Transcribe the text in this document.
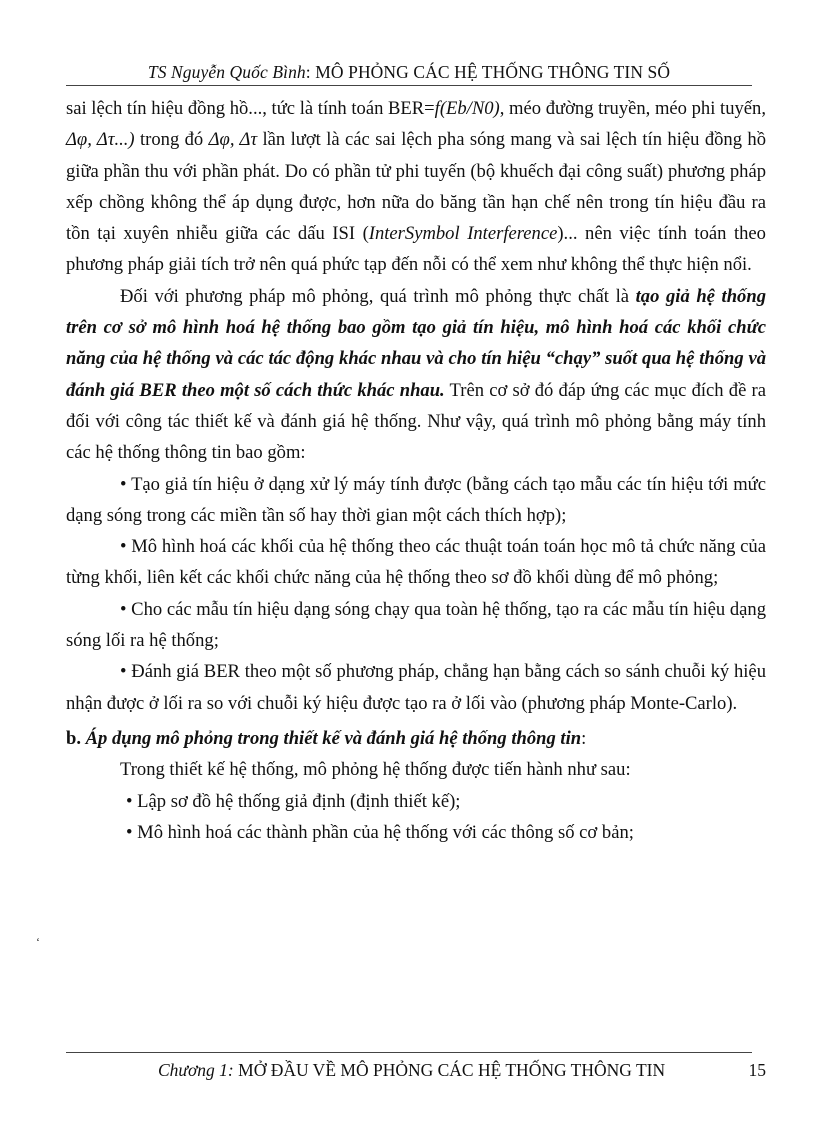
TS Nguyễn Quốc Bình: MÔ PHỎNG CÁC HỆ THỐNG THÔNG TIN SỐ

sai lệch tín hiệu đồng hồ..., tức là tính toán BER=f(Eb/N0), méo đường truyền, méo phi tuyến, Δφ, Δτ...) trong đó Δφ, Δτ lần lượt là các sai lệch pha sóng mang và sai lệch tín hiệu đồng hồ giữa phần thu với phần phát. Do có phần tử phi tuyến (bộ khuếch đại công suất) phương pháp xếp chồng không thể áp dụng được, hơn nữa do băng tần hạn chế nên trong tín hiệu đầu ra tồn tại xuyên nhiễu giữa các dấu ISI (InterSymbol Interference)... nên việc tính toán theo phương pháp giải tích trở nên quá phức tạp đến nỗi có thể xem như không thể thực hiện nổi.

Đối với phương pháp mô phỏng, quá trình mô phỏng thực chất là tạo giả hệ thống trên cơ sở mô hình hoá hệ thống bao gồm tạo giả tín hiệu, mô hình hoá các khối chức năng của hệ thống và các tác động khác nhau và cho tín hiệu “chạy” suốt qua hệ thống và đánh giá BER theo một số cách thức khác nhau. Trên cơ sở đó đáp ứng các mục đích đề ra đối với công tác thiết kế và đánh giá hệ thống. Như vậy, quá trình mô phỏng bằng máy tính các hệ thống thông tin bao gồm:

• Tạo giả tín hiệu ở dạng xử lý máy tính được (bằng cách tạo mẫu các tín hiệu tới mức dạng sóng trong các miền tần số hay thời gian một cách thích hợp);

• Mô hình hoá các khối của hệ thống theo các thuật toán toán học mô tả chức năng của từng khối, liên kết các khối chức năng của hệ thống theo sơ đồ khối dùng để mô phỏng;

• Cho các mẫu tín hiệu dạng sóng chạy qua toàn hệ thống, tạo ra các mẫu tín hiệu dạng sóng lối ra hệ thống;

• Đánh giá BER theo một số phương pháp, chẳng hạn bằng cách so sánh chuỗi ký hiệu nhận được ở lối ra so với chuỗi ký hiệu được tạo ra ở lối vào (phương pháp Monte-Carlo).

b. Áp dụng mô phỏng trong thiết kế và đánh giá hệ thống thông tin:

Trong thiết kế hệ thống, mô phỏng hệ thống được tiến hành như sau:

• Lập sơ đồ hệ thống giả định (định thiết kế);

• Mô hình hoá các thành phần của hệ thống với các thông số cơ bản;

ʻ
Chương 1: MỞ ĐẦU VỀ MÔ PHỎNG CÁC HỆ THỐNG THÔNG TIN	15
